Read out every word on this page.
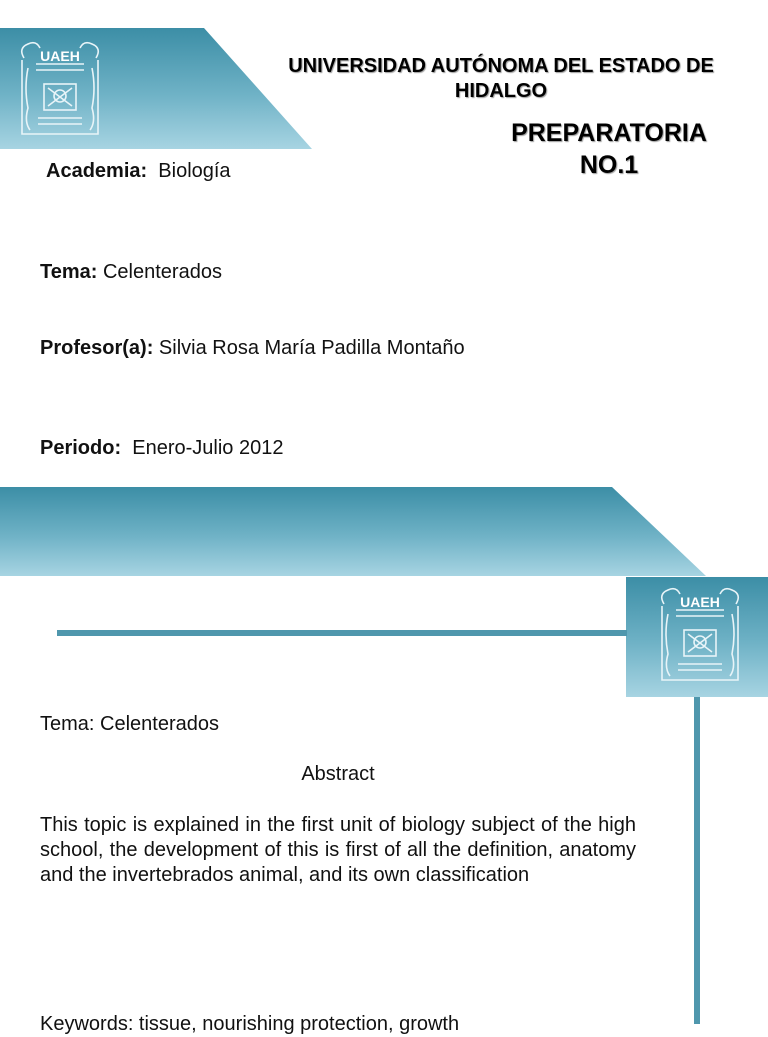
UAEH
UAEH
UNIVERSIDAD AUTÓNOMA DEL ESTADO DE HIDALGO
PREPARATORIA NO.1
Academia: Biología
Tema: Celenterados
Profesor(a): Silvia Rosa María Padilla Montaño
Periodo: Enero-Julio 2012
Tema: Celenterados
Abstract
This topic is explained in the first unit of biology subject of the high school, the development of this is first of all the definition, anatomy and the invertebrados animal, and its own classification
Keywords: tissue, nourishing protection, growth
